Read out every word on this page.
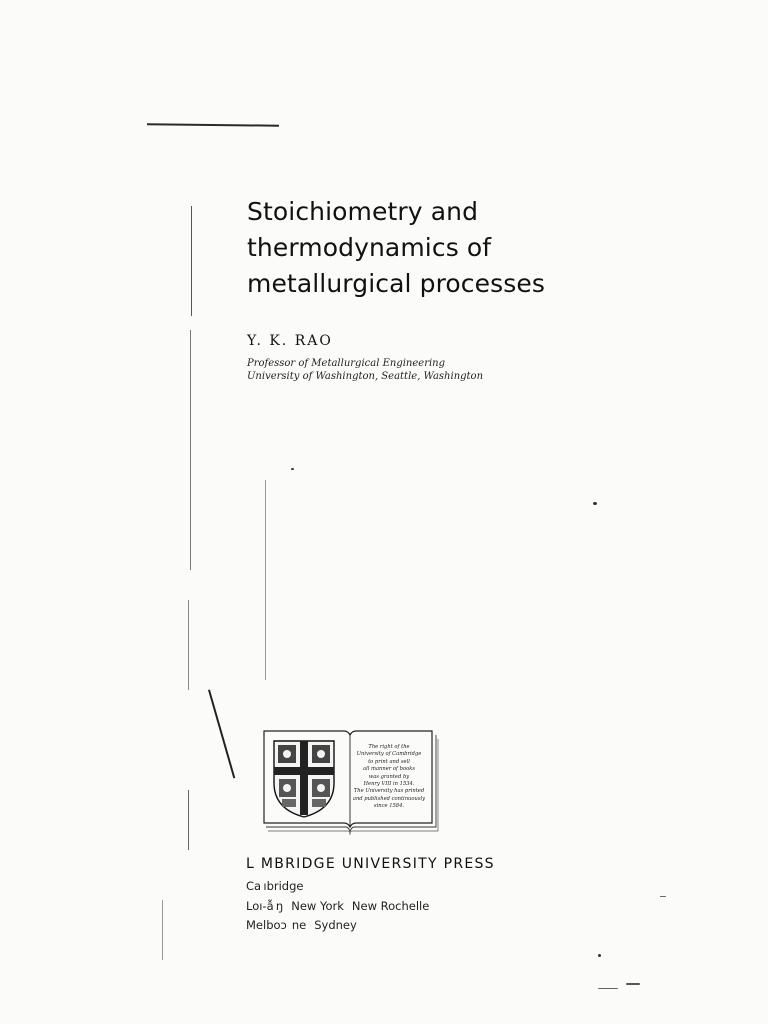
Stoichiometry and
thermodynamics of
metallurgical processes
Y. K. RAO
Professor of Metallurgical Engineering
University of Washington, Seattle, Washington
The right of the
University of Cambridge
to print and sell
all manner of books
was granted by
Henry VIII in 1534.
The University has printed
and published continuously
since 1584.
ᒪ MBRIDGE UNIVERSITY PRESS
Ca ıbridge
Loı-ẫ ŋ New York New Rochelle
Melboɔ ne Sydney
